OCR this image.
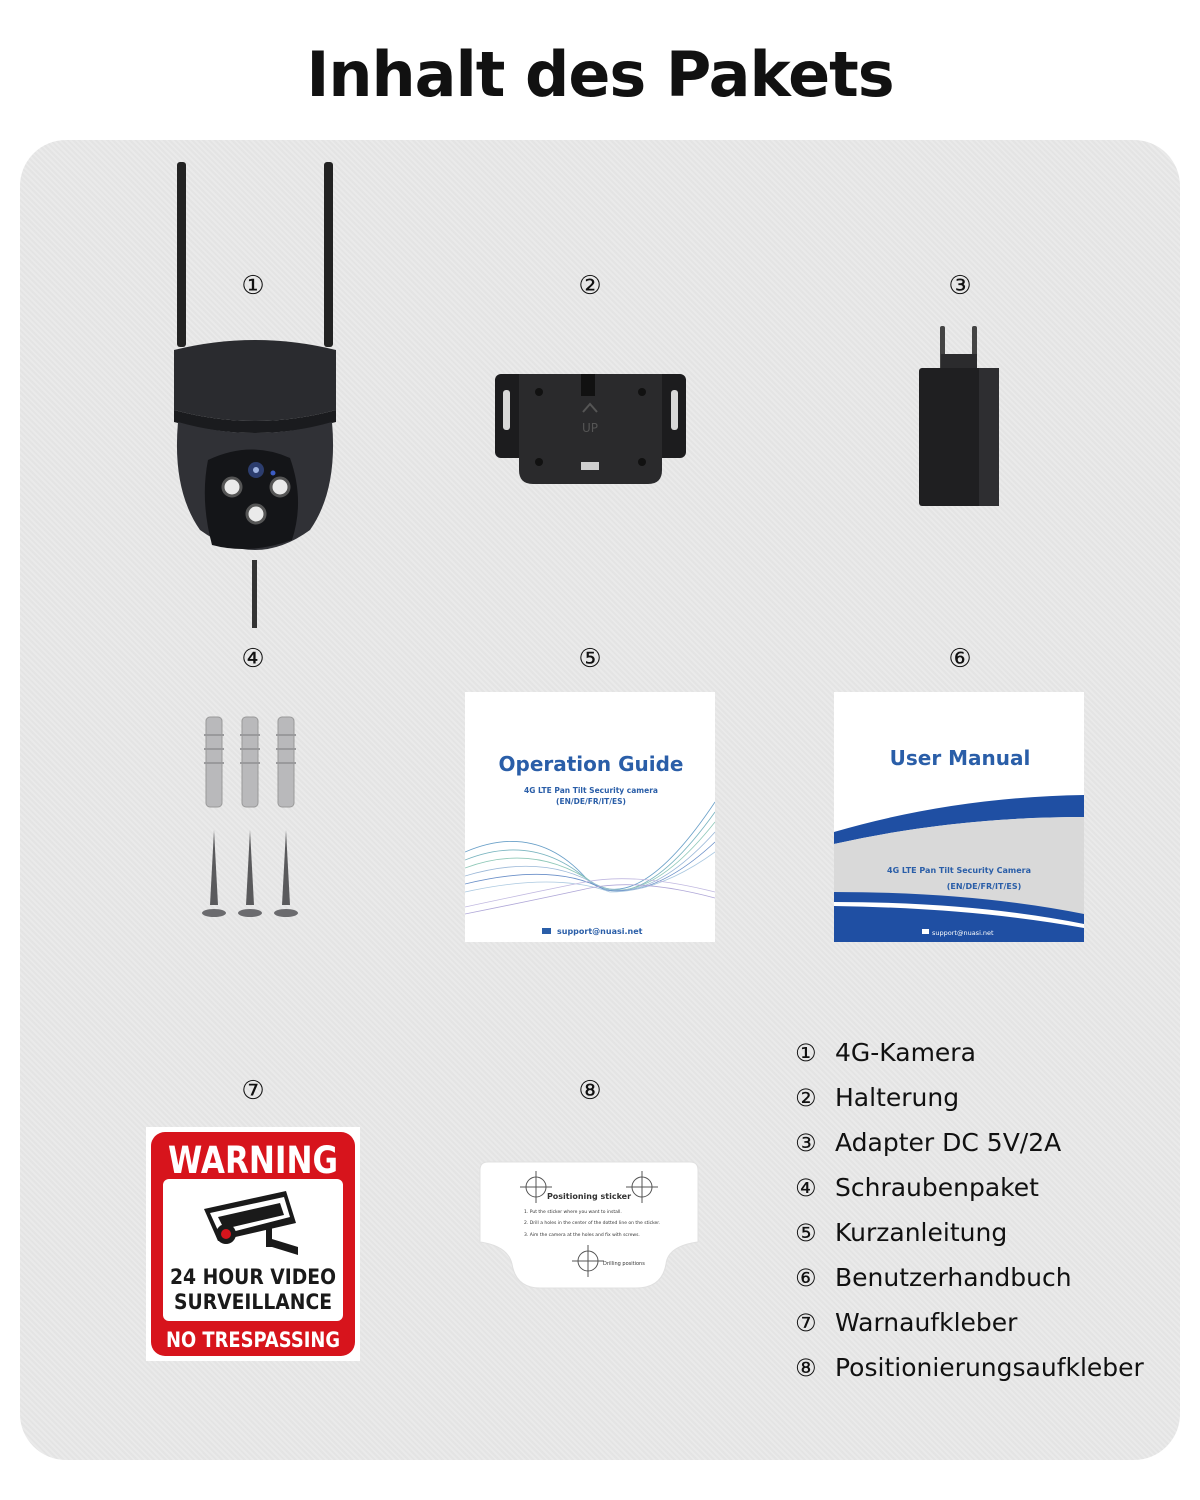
Inhalt des Pakets
①	②	③
④	⑤	⑥
⑦	⑧
UP
Operation Guide
4G LTE Pan Tilt Security camera
(EN/DE/FR/IT/ES)
support@nuasi.net
User Manual
4G LTE Pan Tilt Security Camera
(EN/DE/FR/IT/ES)
support@nuasi.net
WARNING
24 HOUR VIDEO
SURVEILLANCE
NO TRESPASSING
Positioning sticker
1. Put the sticker where you want to install.
2. Drill a holes in the center of the dotted line on the sticker.
3. Aim the camera at the holes and fix with screws.
Drilling positions
① 4G-Kamera
② Halterung
③ Adapter DC 5V/2A
④ Schraubenpaket
⑤ Kurzanleitung
⑥ Benutzerhandbuch
⑦ Warnaufkleber
⑧ Positionierungsaufkleber
